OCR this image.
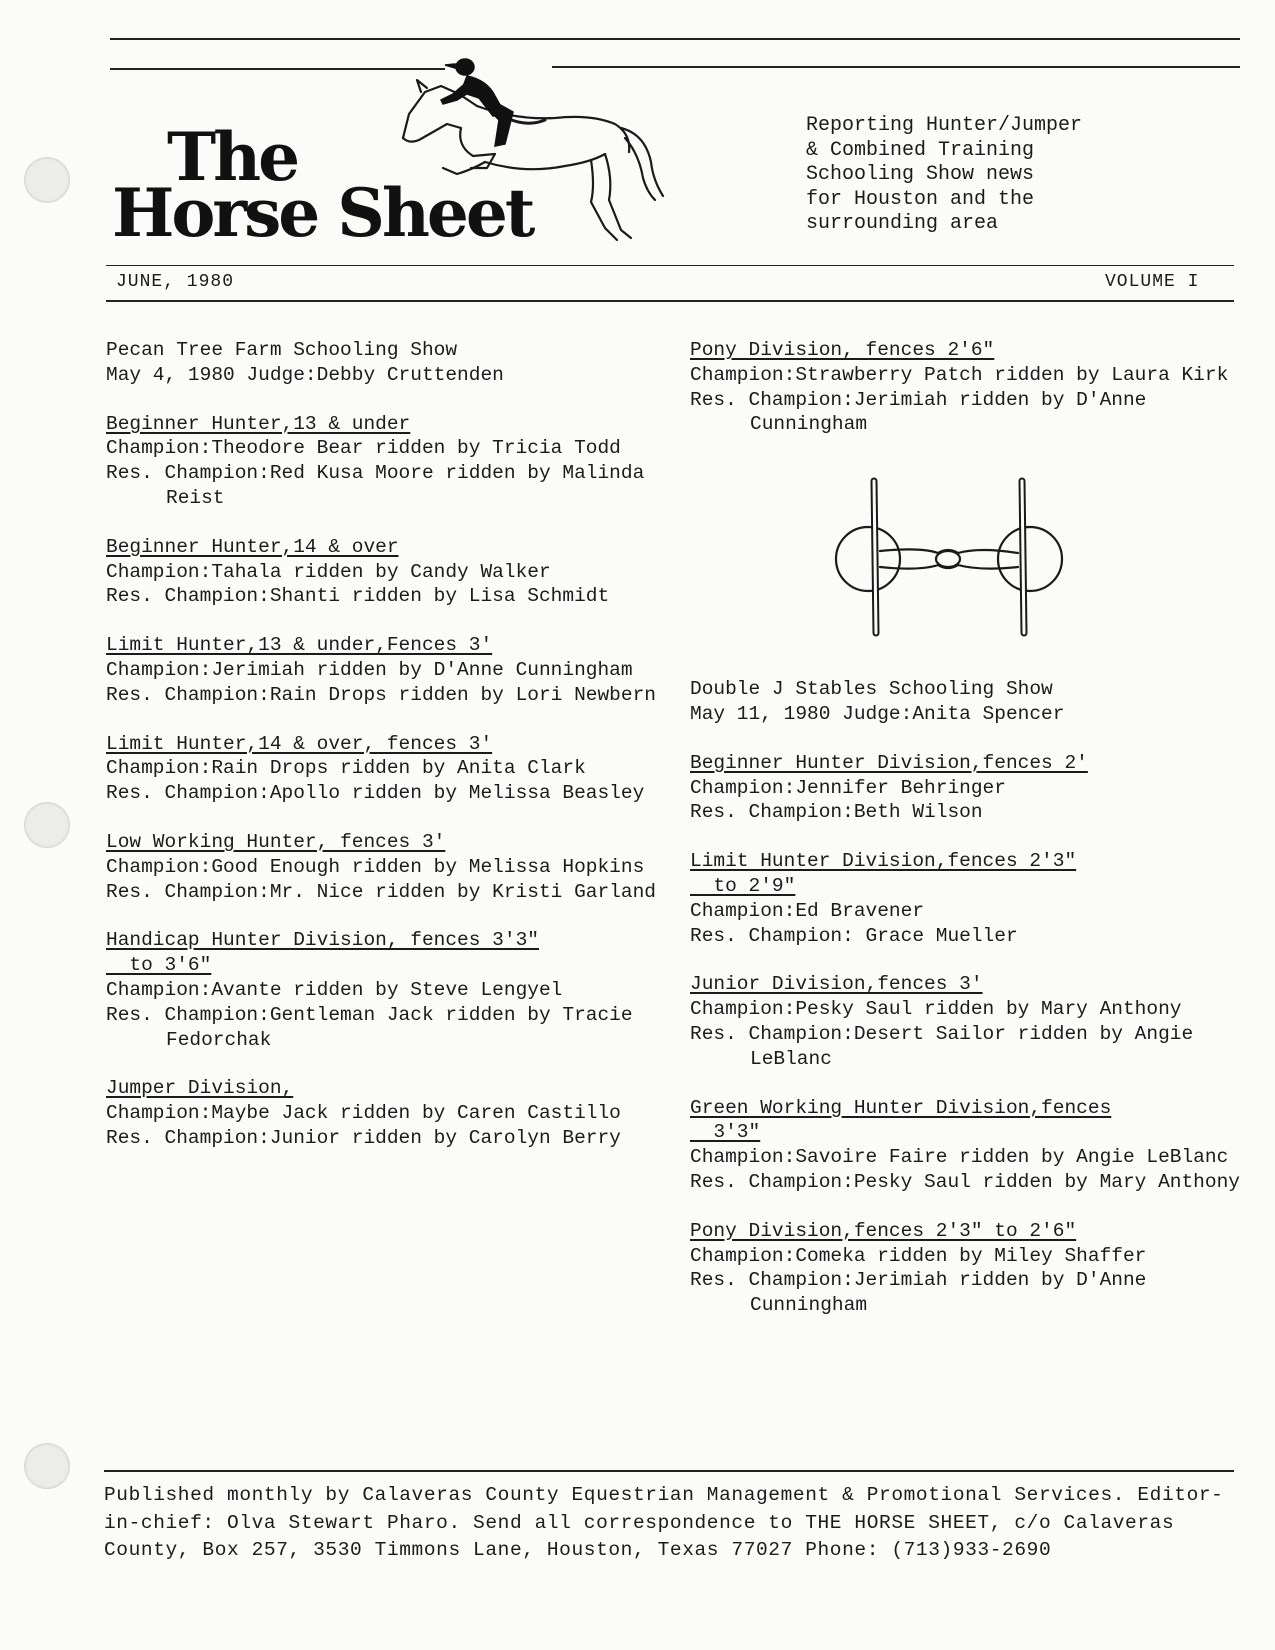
The
Horse Sheet
Reporting Hunter/Jumper
& Combined Training
Schooling Show news
for Houston and the
surrounding area
JUNE, 1980	VOLUME I
Pecan Tree Farm Schooling Show
May 4, 1980 Judge:Debby Cruttenden
Beginner Hunter,13 & under
Champion:Theodore Bear ridden by Tricia Todd
Res. Champion:Red Kusa Moore ridden by Malinda Reist
Beginner Hunter,14 & over
Champion:Tahala ridden by Candy Walker
Res. Champion:Shanti ridden by Lisa Schmidt
Limit Hunter,13 & under,Fences 3'
Champion:Jerimiah ridden by D'Anne Cunningham
Res. Champion:Rain Drops ridden by Lori Newbern
Limit Hunter,14 & over, fences 3'
Champion:Rain Drops ridden by Anita Clark
Res. Champion:Apollo ridden by Melissa Beasley
Low Working Hunter, fences 3'
Champion:Good Enough ridden by Melissa Hopkins
Res. Champion:Mr. Nice ridden by Kristi Garland
Handicap Hunter Division, fences 3'3"
to 3'6"
Champion:Avante ridden by Steve Lengyel
Res. Champion:Gentleman Jack ridden by Tracie Fedorchak
Jumper Division,
Champion:Maybe Jack ridden by Caren Castillo
Res. Champion:Junior ridden by Carolyn Berry
Pony Division, fences 2'6"
Champion:Strawberry Patch ridden by Laura Kirk
Res. Champion:Jerimiah ridden by D'Anne Cunningham
Double J Stables Schooling Show
May 11, 1980 Judge:Anita Spencer
Beginner Hunter Division,fences 2'
Champion:Jennifer Behringer
Res. Champion:Beth Wilson
Limit Hunter Division,fences 2'3"
to 2'9"
Champion:Ed Bravener
Res. Champion: Grace Mueller
Junior Division,fences 3'
Champion:Pesky Saul ridden by Mary Anthony
Res. Champion:Desert Sailor ridden by Angie LeBlanc
Green Working Hunter Division,fences
3'3"
Champion:Savoire Faire ridden by Angie LeBlanc
Res. Champion:Pesky Saul ridden by Mary Anthony
Pony Division,fences 2'3" to 2'6"
Champion:Comeka ridden by Miley Shaffer
Res. Champion:Jerimiah ridden by D'Anne Cunningham
Published monthly by Calaveras County Equestrian Management & Promotional Services. Editor-in-chief: Olva Stewart Pharo. Send all correspondence to THE HORSE SHEET, c/o Calaveras County, Box 257, 3530 Timmons Lane, Houston, Texas 77027 Phone: (713)933-2690
